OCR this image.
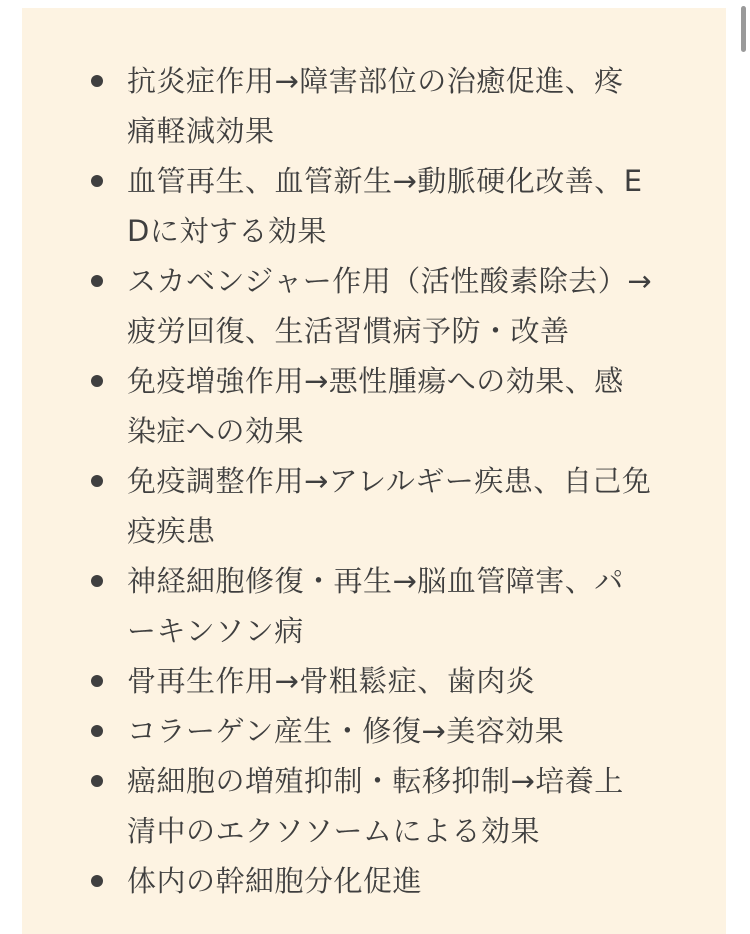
抗炎症作用→障害部位の治癒促進、疼痛軽減効果
血管再生、血管新生→動脈硬化改善、EDに対する効果
スカベンジャー作用（活性酸素除去）→疲労回復、生活習慣病予防・改善
免疫増強作用→悪性腫瘍への効果、感染症への効果
免疫調整作用→アレルギー疾患、自己免疫疾患
神経細胞修復・再生→脳血管障害、パーキンソン病
骨再生作用→骨粗鬆症、歯肉炎
コラーゲン産生・修復→美容効果
癌細胞の増殖抑制・転移抑制→培養上清中のエクソソームによる効果
体内の幹細胞分化促進
